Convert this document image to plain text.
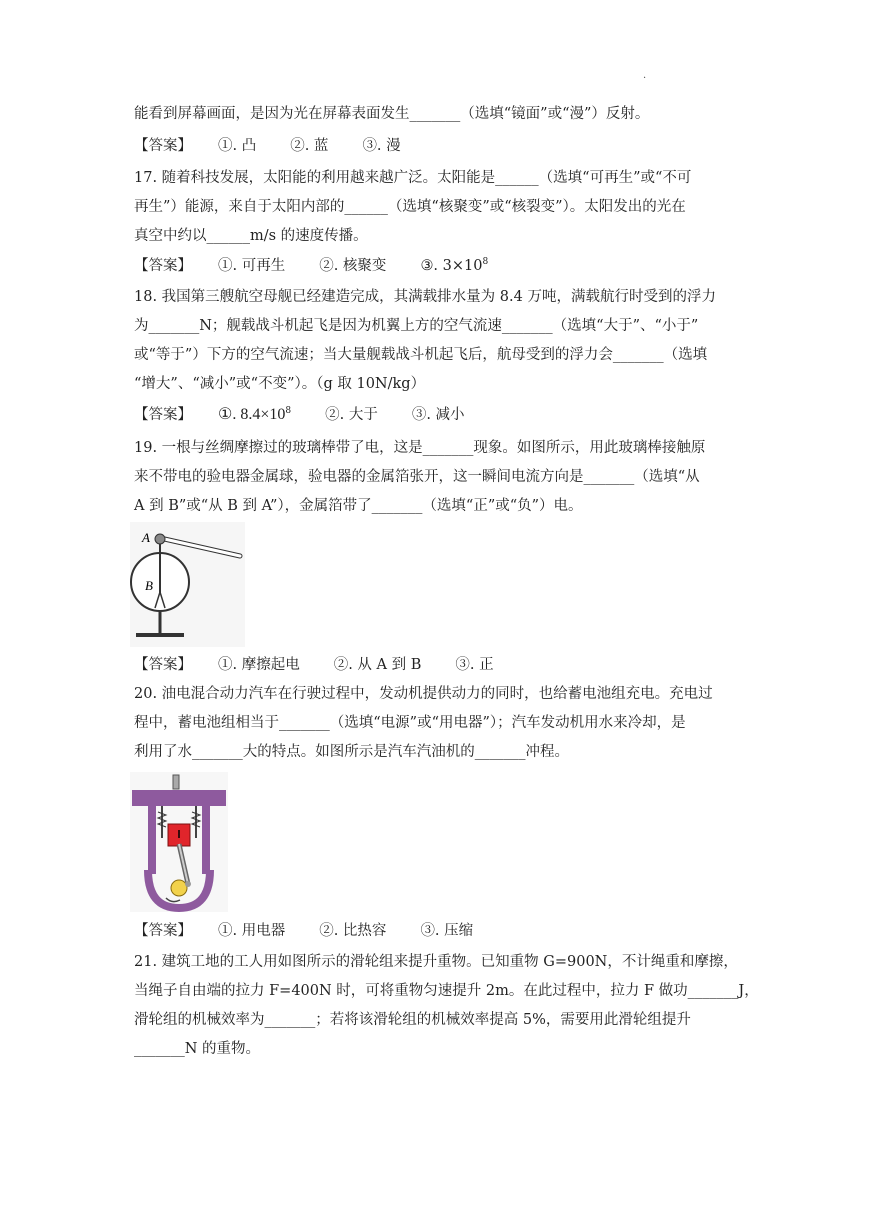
·
能看到屏幕画面，是因为光在屏幕表面发生_______（选填“镜面”或“漫”）反射。
【答案】 ①. 凸 ②. 蓝 ③. 漫
17. 随着科技发展，太阳能的利用越来越广泛。太阳能是______（选填“可再生”或“不可
再生”）能源，来自于太阳内部的______（选填“核聚变”或“核裂变”）。太阳发出的光在
真空中约以______m/s 的速度传播。
【答案】 ①. 可再生 ②. 核聚变 ③. $3\times 10^8$
18. 我国第三艘航空母舰已经建造完成，其满载排水量为 8.4 万吨，满载航行时受到的浮力
为_______N；舰载战斗机起飞是因为机翼上方的空气流速_______（选填“大于”、“小于”
或“等于”）下方的空气流速；当大量舰载战斗机起飞后，航母受到的浮力会_______（选填
“增大”、“减小”或“不变”）。（g 取 10N/kg）
【答案】 ①. $8.4\times 10^8$ ②. 大于 ③. 减小
19. 一根与丝绸摩擦过的玻璃棒带了电，这是_______现象。如图所示，用此玻璃棒接触原
来不带电的验电器金属球，验电器的金属箔张开，这一瞬间电流方向是_______（选填“从
A 到 B”或“从 B 到 A”），金属箔带了_______（选填“正”或“负”）电。
A
B
【答案】 ①. 摩擦起电 ②. 从 A 到 B ③. 正
20. 油电混合动力汽车在行驶过程中，发动机提供动力的同时，也给蓄电池组充电。充电过
程中，蓄电池组相当于_______（选填“电源”或“用电器”）；汽车发动机用水来冷却，是
利用了水_______大的特点。如图所示是汽车汽油机的_______冲程。
【答案】 ①. 用电器 ②. 比热容 ③. 压缩
21. 建筑工地的工人用如图所示的滑轮组来提升重物。已知重物 G=900N，不计绳重和摩擦，
当绳子自由端的拉力 F=400N 时，可将重物匀速提升 2m。在此过程中，拉力 F 做功_______J，
滑轮组的机械效率为_______；若将该滑轮组的机械效率提高 5%，需要用此滑轮组提升
_______N 的重物。
